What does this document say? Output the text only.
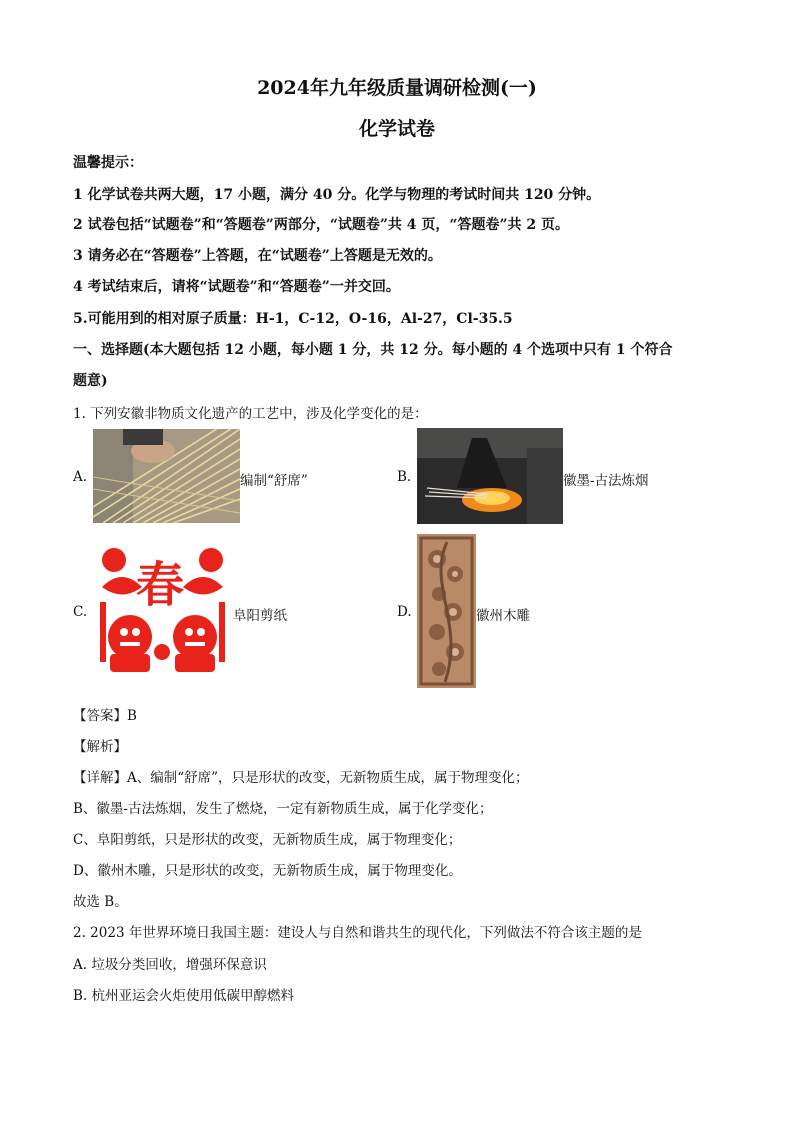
2024年九年级质量调研检测(一)
化学试卷
温馨提示：
1 化学试卷共两大题，17 小题，满分 40 分。化学与物理的考试时间共 120 分钟。
2 试卷包括“试题卷”和“答题卷”两部分，“试题卷”共 4 页，“答题卷”共 2 页。
3 请务必在“答题卷”上答题，在“试题卷”上答题是无效的。
4 考试结束后，请将“试题卷”和“答题卷”一并交回。
5.可能用到的相对原子质量：H-1，C-12，O-16，Al-27，Cl-35.5
一、选择题(本大题包括 12 小题，每小题 1 分，共 12 分。每小题的 4 个选项中只有 1 个符合
题意)
1. 下列安徽非物质文化遗产的工艺中，涉及化学变化的是：
A.	编制“舒席”	B.	徽墨-古法炼烟
C. 春
阜阳剪纸	D.	徽州木雕
【答案】B
【解析】
【详解】A、编制“舒席”，只是形状的改变，无新物质生成，属于物理变化；
B、徽墨-古法炼烟，发生了燃烧，一定有新物质生成，属于化学变化；
C、阜阳剪纸，只是形状的改变，无新物质生成，属于物理变化；
D、徽州木雕，只是形状的改变，无新物质生成，属于物理变化。
故选 B。
2. 2023 年世界环境日我国主题：建设人与自然和谐共生的现代化，下列做法不符合该主题的是
A. 垃圾分类回收，增强环保意识
B. 杭州亚运会火炬使用低碳甲醇燃料
